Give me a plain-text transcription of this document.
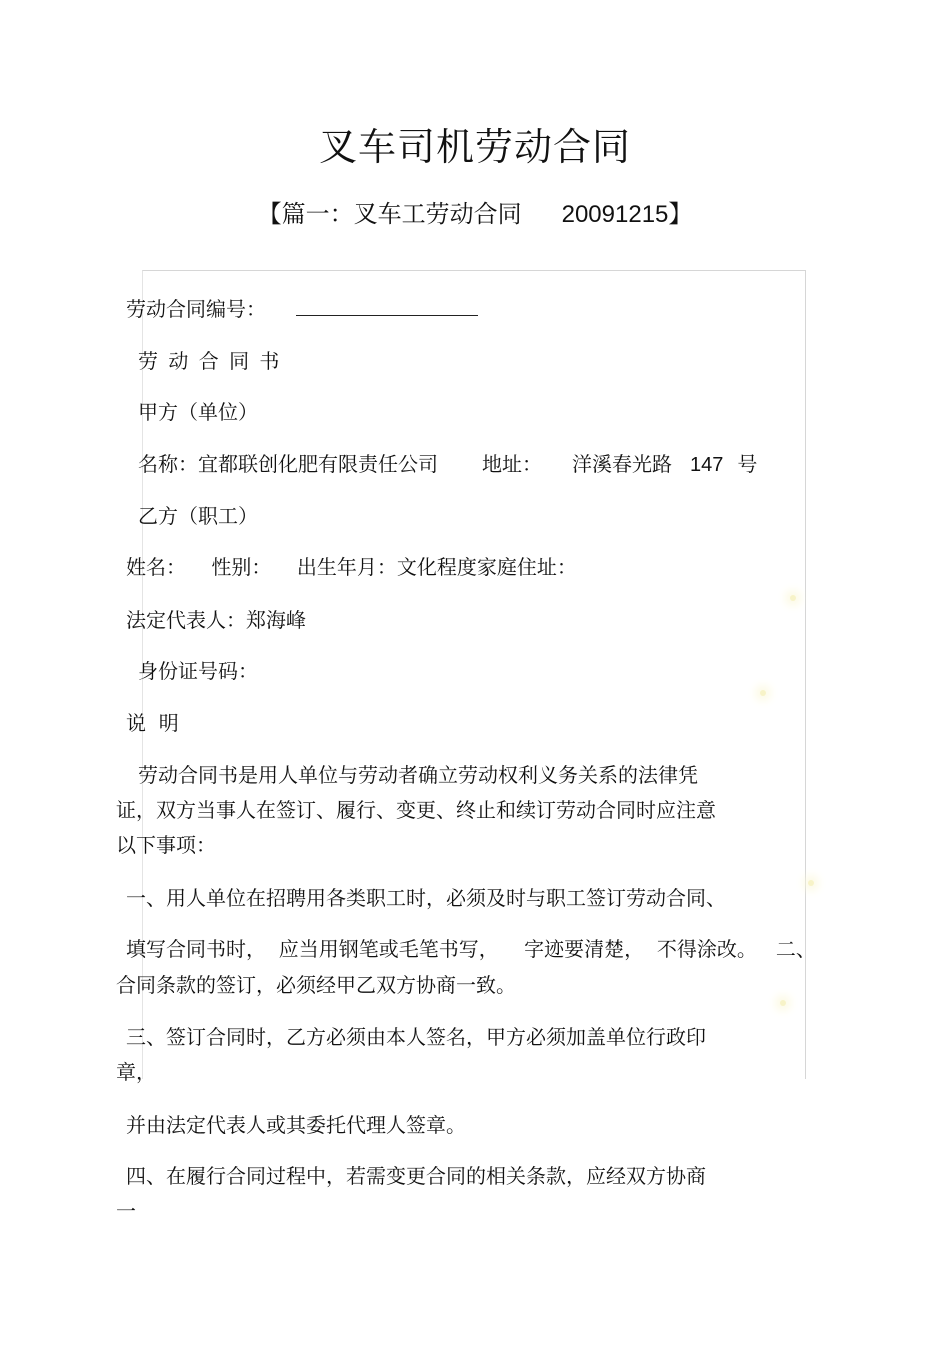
叉车司机劳动合同
【篇一：叉车工劳动合同 20091215】
劳动合同编号：
劳 动 合 同 书
甲方（单位）
名称：宜都联创化肥有限责任公司 地址： 洋溪春光路 147 号
乙方（职工）
姓名：    性别：    出生年月：文化程度家庭住址：
法定代表人：郑海峰
身份证号码：
说  明
劳动合同书是用人单位与劳动者确立劳动权利义务关系的法律凭
证，双方当事人在签订、履行、变更、终止和续订劳动合同时应注意
以下事项：
一、用人单位在招聘用各类职工时，必须及时与职工签订劳动合同、
填写合同书时，  应当用钢笔或毛笔书写，    字迹要清楚，  不得涂改。   二、
合同条款的签订，必须经甲乙双方协商一致。
三、签订合同时，乙方必须由本人签名，甲方必须加盖单位行政印
章，
并由法定代表人或其委托代理人签章。
四、在履行合同过程中，若需变更合同的相关条款，应经双方协商
一
